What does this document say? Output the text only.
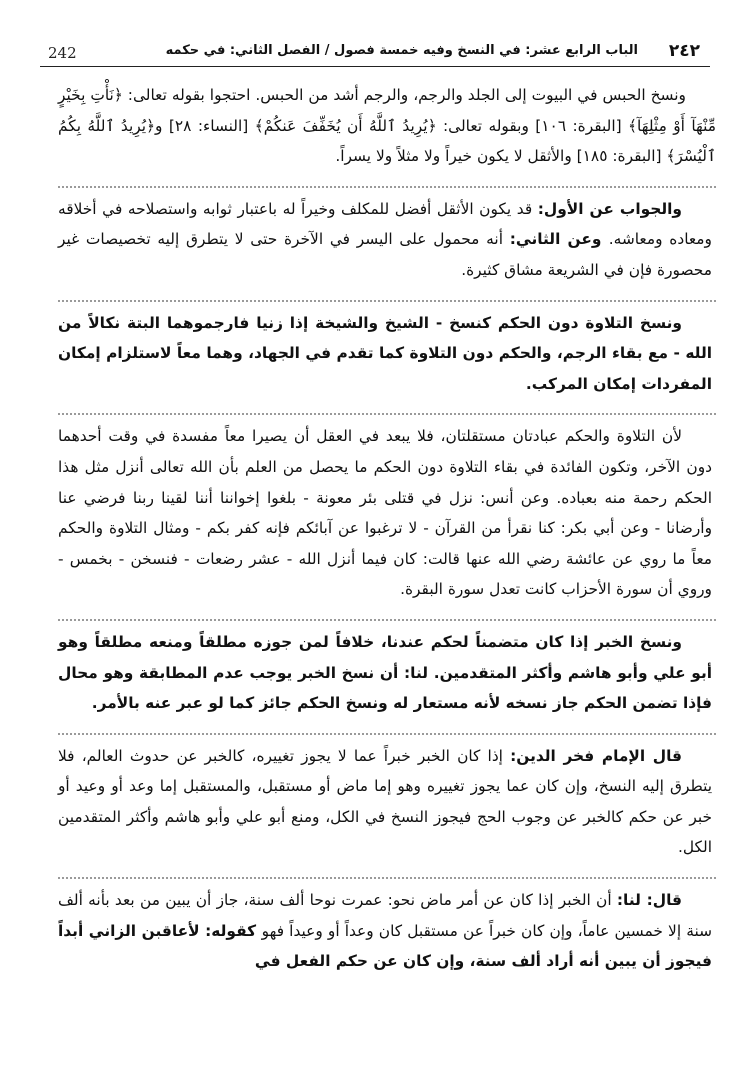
242	الباب الرابع عشر: في النسخ وفيه خمسة فصول / الفصل الثاني: في حكمه ٢٤٢

ونسخ الحبس في البيوت إلى الجلد والرجم، والرجم أشد من الحبس. احتجوا بقوله تعالى: ﴿نَأْتِ بِخَيْرٍ مِّنْهَآ أَوْ مِثْلِهَآ﴾ [البقرة: ١٠٦] وبقوله تعالى: ﴿يُرِيدُ ٱللَّهُ أَن يُخَفِّفَ عَنكُمْ﴾ [النساء: ٢٨] و﴿يُرِيدُ ٱللَّهُ بِكُمُ ٱلْيُسْرَ﴾ [البقرة: ١٨٥] والأثقل لا يكون خيراً ولا مثلاً ولا يسراً.

والجواب عن الأول: قد يكون الأثقل أفضل للمكلف وخيراً له باعتبار ثوابه واستصلاحه في أخلاقه ومعاده ومعاشه. وعن الثاني: أنه محمول على اليسر في الآخرة حتى لا يتطرق إليه تخصيصات غير محصورة فإن في الشريعة مشاق كثيرة.

ونسخ التلاوة دون الحكم كنسخ - الشيخ والشيخة إذا زنيا فارجموهما البتة نكالاً من الله - مع بقاء الرجم، والحكم دون التلاوة كما تقدم في الجهاد، وهما معاً لاستلزام إمكان المفردات إمكان المركب.

لأن التلاوة والحكم عبادتان مستقلتان، فلا يبعد في العقل أن يصيرا معاً مفسدة في وقت أحدهما دون الآخر، وتكون الفائدة في بقاء التلاوة دون الحكم ما يحصل من العلم بأن الله تعالى أنزل مثل هذا الحكم رحمة منه بعباده. وعن أنس: نزل في قتلى بئر معونة - بلغوا إخواننا أننا لقينا ربنا فرضي عنا وأرضانا - وعن أبي بكر: كنا نقرأ من القرآن - لا ترغبوا عن آبائكم فإنه كفر بكم - ومثال التلاوة والحكم معاً ما روي عن عائشة رضي الله عنها قالت: كان فيما أنزل الله - عشر رضعات - فنسخن - بخمس - وروي أن سورة الأحزاب كانت تعدل سورة البقرة.

ونسخ الخبر إذا كان متضمناً لحكم عندنا، خلافاً لمن جوزه مطلقاً ومنعه مطلقاً وهو أبو علي وأبو هاشم وأكثر المتقدمين. لنا: أن نسخ الخبر يوجب عدم المطابقة وهو محال فإذا تضمن الحكم جاز نسخه لأنه مستعار له ونسخ الحكم جائز كما لو عبر عنه بالأمر.

قال الإمام فخر الدين: إذا كان الخبر خبراً عما لا يجوز تغييره، كالخبر عن حدوث العالم، فلا يتطرق إليه النسخ، وإن كان عما يجوز تغييره وهو إما ماض أو مستقبل، والمستقبل إما وعد أو وعيد أو خبر عن حكم كالخبر عن وجوب الحج فيجوز النسخ في الكل، ومنع أبو علي وأبو هاشم وأكثر المتقدمين الكل.

قال: لنا: أن الخبر إذا كان عن أمر ماض نحو: عمرت نوحا ألف سنة، جاز أن يبين من بعد بأنه ألف سنة إلا خمسين عاماً، وإن كان خبراً عن مستقبل كان وعداً أو وعيداً فهو كقوله: لأعاقبن الزاني أبداً فيجوز أن يبين أنه أراد ألف سنة، وإن كان عن حكم الفعل في
